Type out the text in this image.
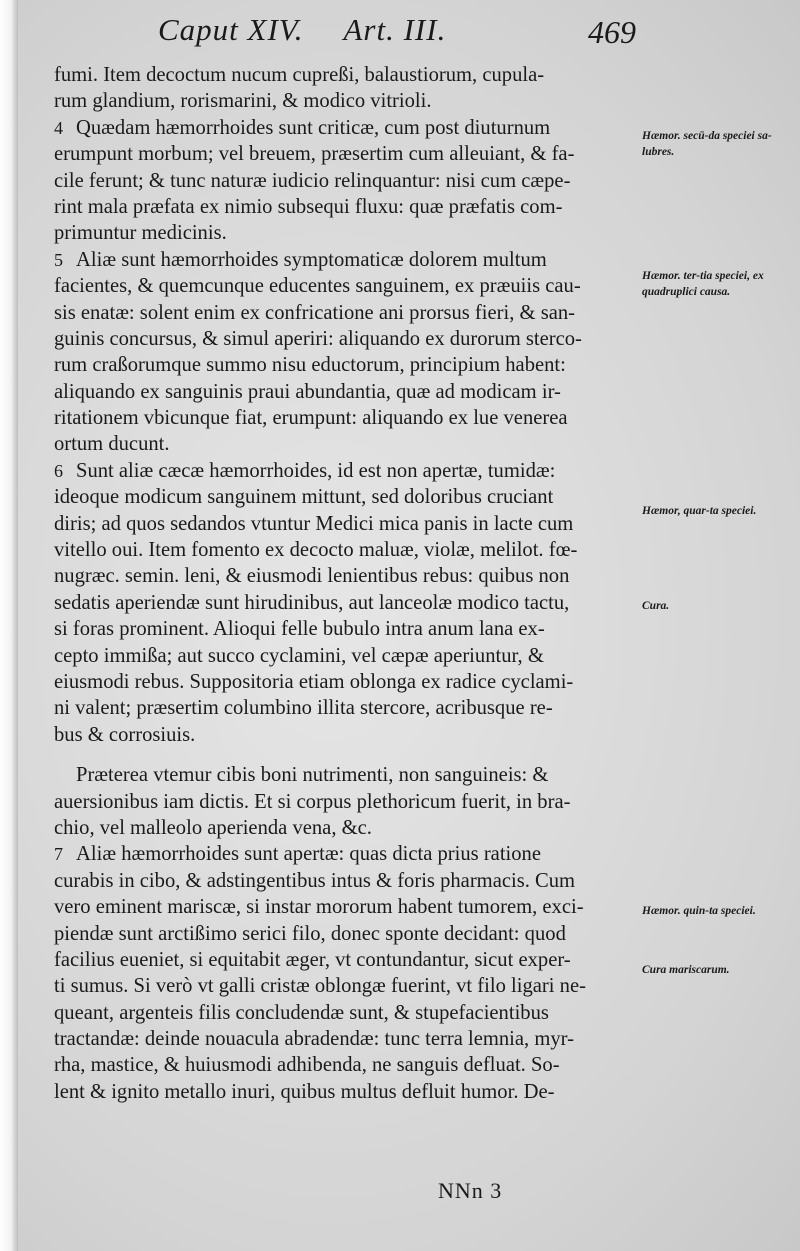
Caput XIV. Art. III.	469
fumi. Item decoctum nucum cupreßi, balaustiorum, cupula-
rum glandium, rorismarini, & modico vitrioli.
4 Quædam hæmorrhoides sunt criticæ, cum post diuturnum
erumpunt morbum; vel breuem, præsertim cum alleuiant, & fa-
cile ferunt; & tunc naturæ iudicio relinquantur: nisi cum cæpe-
rint mala præfata ex nimio subsequi fluxu: quæ præfatis com-
primuntur medicinis.
5 Aliæ sunt hæmorrhoides symptomaticæ dolorem multum
facientes, & quemcunque educentes sanguinem, ex præuiis cau-
sis enatæ: solent enim ex confricatione ani prorsus fieri, & san-
guinis concursus, & simul aperiri: aliquando ex durorum sterco-
rum craßorumque summo nisu eductorum, principium habent:
aliquando ex sanguinis praui abundantia, quæ ad modicam ir-
ritationem vbicunque fiat, erumpunt: aliquando ex lue venerea
ortum ducunt.
6 Sunt aliæ cæcæ hæmorrhoides, id est non apertæ, tumidæ:
ideoque modicum sanguinem mittunt, sed doloribus cruciant
diris; ad quos sedandos vtuntur Medici mica panis in lacte cum
vitello oui. Item fomento ex decocto maluæ, violæ, melilot. fœ-
nugræc. semin. leni, & eiusmodi lenientibus rebus: quibus non
sedatis aperiendæ sunt hirudinibus, aut lanceolæ modico tactu,
si foras prominent. Alioqui felle bubulo intra anum lana ex-
cepto immißa; aut succo cyclamini, vel cæpæ aperiuntur, &
eiusmodi rebus. Suppositoria etiam oblonga ex radice cyclami-
ni valent; præsertim columbino illita stercore, acribusque re-
bus & corrosiuis.
Præterea vtemur cibis boni nutrimenti, non sanguineis: &
auersionibus iam dictis. Et si corpus plethoricum fuerit, in bra-
chio, vel malleolo aperienda vena, &c.
7 Aliæ hæmorrhoides sunt apertæ: quas dicta prius ratione
curabis in cibo, & adstingentibus intus & foris pharmacis. Cum
vero eminent mariscæ, si instar mororum habent tumorem, exci-
piendæ sunt arctißimo serici filo, donec sponte decidant: quod
facilius eueniet, si equitabit æger, vt contundantur, sicut exper-
ti sumus. Si verò vt galli cristæ oblongæ fuerint, vt filo ligari ne-
queant, argenteis filis concludendæ sunt, & stupefacientibus
tractandæ: deinde nouacula abradendæ: tunc terra lemnia, myr-
rha, mastice, & huiusmodi adhibenda, ne sanguis defluat. So-
lent & ignito metallo inuri, quibus multus defluit humor. De-
Hæmor. secū-da speciei sa-lubres.
Hæmor. ter-tia speciei, ex quadruplici causa.
Hæmor, quar-ta speciei.
Cura.
Hæmor. quin-ta speciei.
Cura mariscarum.
NNn 3
